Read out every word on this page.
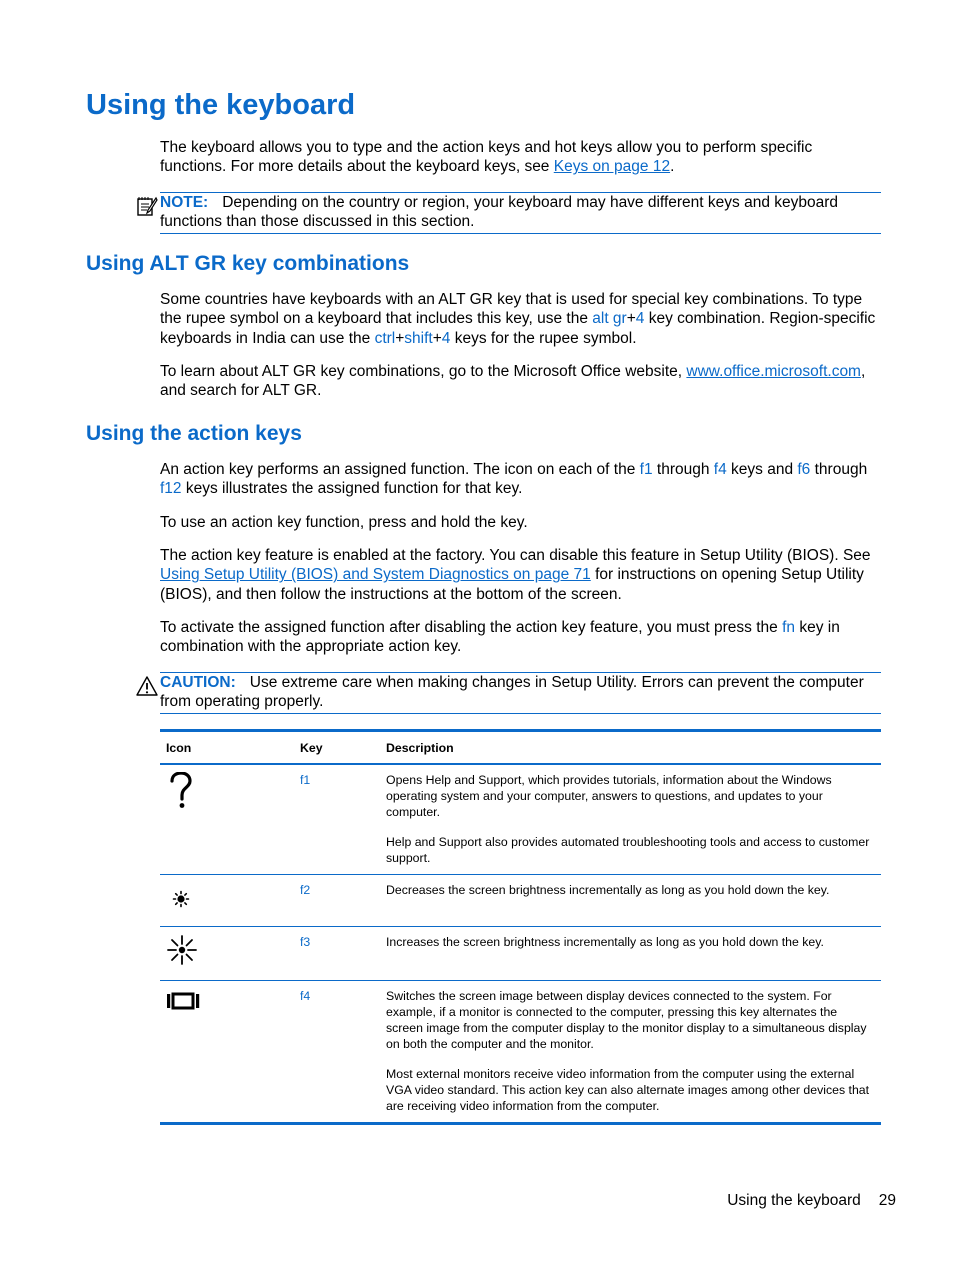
Using the keyboard

The keyboard allows you to type and the action keys and hot keys allow you to perform specific functions. For more details about the keyboard keys, see Keys on page 12.

NOTE: Depending on the country or region, your keyboard may have different keys and keyboard functions than those discussed in this section.
Using ALT GR key combinations

Some countries have keyboards with an ALT GR key that is used for special key combinations. To type the rupee symbol on a keyboard that includes this key, use the alt gr+4 key combination. Region-specific keyboards in India can use the ctrl+shift+4 keys for the rupee symbol.

To learn about ALT GR key combinations, go to the Microsoft Office website, www.office.microsoft.com, and search for ALT GR.

Using the action keys

An action key performs an assigned function. The icon on each of the f1 through f4 keys and f6 through f12 keys illustrates the assigned function for that key.

To use an action key function, press and hold the key.

The action key feature is enabled at the factory. You can disable this feature in Setup Utility (BIOS). See Using Setup Utility (BIOS) and System Diagnostics on page 71 for instructions on opening Setup Utility (BIOS), and then follow the instructions at the bottom of the screen.

To activate the assigned function after disabling the action key feature, you must press the fn key in combination with the appropriate action key.

CAUTION: Use extreme care when making changes in Setup Utility. Errors can prevent the computer from operating properly.
Icon	Key	Description
	f1	Opens Help and Support, which provides tutorials, information about the Windows operating system and your computer, answers to questions, and updates to your computer.

Help and Support also provides automated troubleshooting tools and access to customer support.

	f2	Decreases the screen brightness incrementally as long as you hold down the key.

	f3	Increases the screen brightness incrementally as long as you hold down the key.

	f4	Switches the screen image between display devices connected to the system. For example, if a monitor is connected to the computer, pressing this key alternates the screen image from the computer display to the monitor display to a simultaneous display on both the computer and the monitor.

Most external monitors receive video information from the computer using the external VGA video standard. This action key can also alternate images among other devices that are receiving video information from the computer.

Using the keyboard 29
